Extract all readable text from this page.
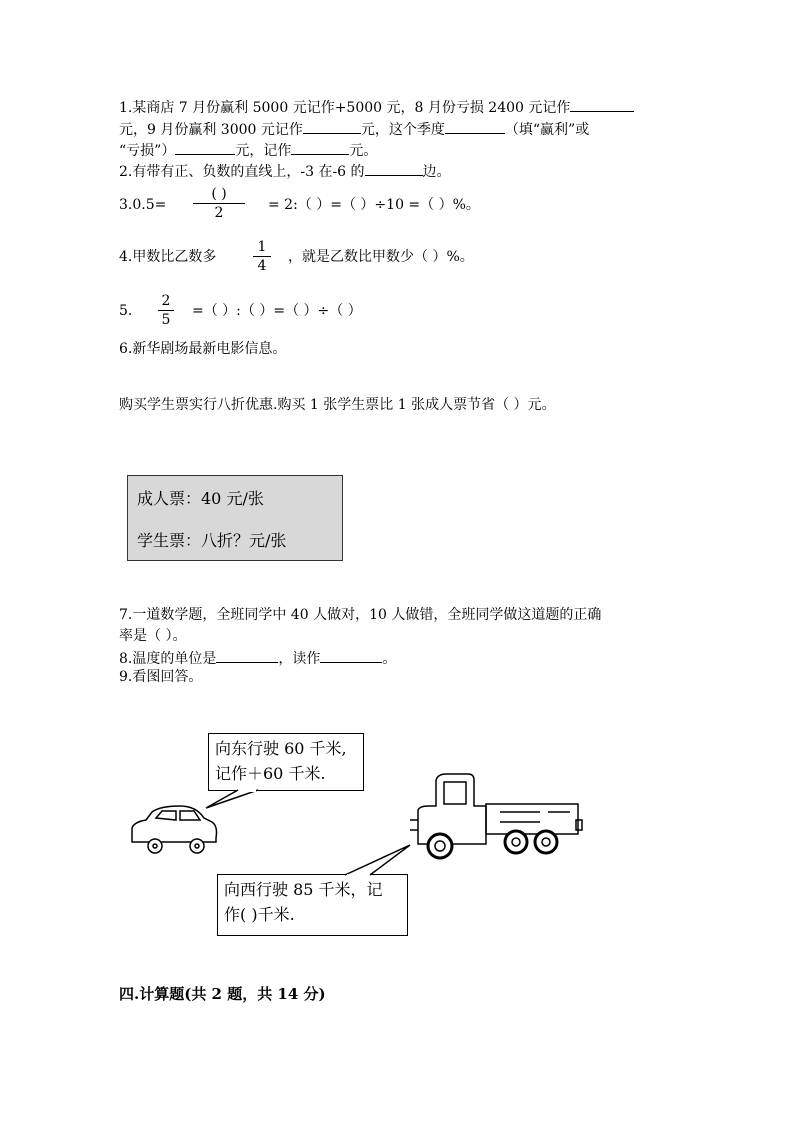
1.某商店 7 月份赢利 5000 元记作+5000 元，8 月份亏损 2400 元记作
元，9 月份赢利 3000 元记作	元，这个季度	（填“赢利”或
“亏损”）	元，记作	元。
2.有带有正、负数的直线上，-3 在-6 的	边。
3.0.5=
( )
2	= 2:（ ）=（ ）÷10 =（ ）%。
4.甲数比乙数多
1
4
，就是乙数比甲数少（ ）%。
5.
2
5
=（ ）:（ ）=（ ）÷（ ）
6.新华剧场最新电影信息。
购买学生票实行八折优惠.购买 1 张学生票比 1 张成人票节省（ ）元。
成人票：40 元/张
学生票：八折？元/张
7.一道数学题，全班同学中 40 人做对，10 人做错，全班同学做这道题的正确
率是（ ）。
8.温度的单位是	，读作	。
9.看图回答。
向东行驶 60 千米,
记作＋60 千米.
向西行驶 85 千米，记
作( )千米.
四.计算题(共 2 题，共 14 分)
